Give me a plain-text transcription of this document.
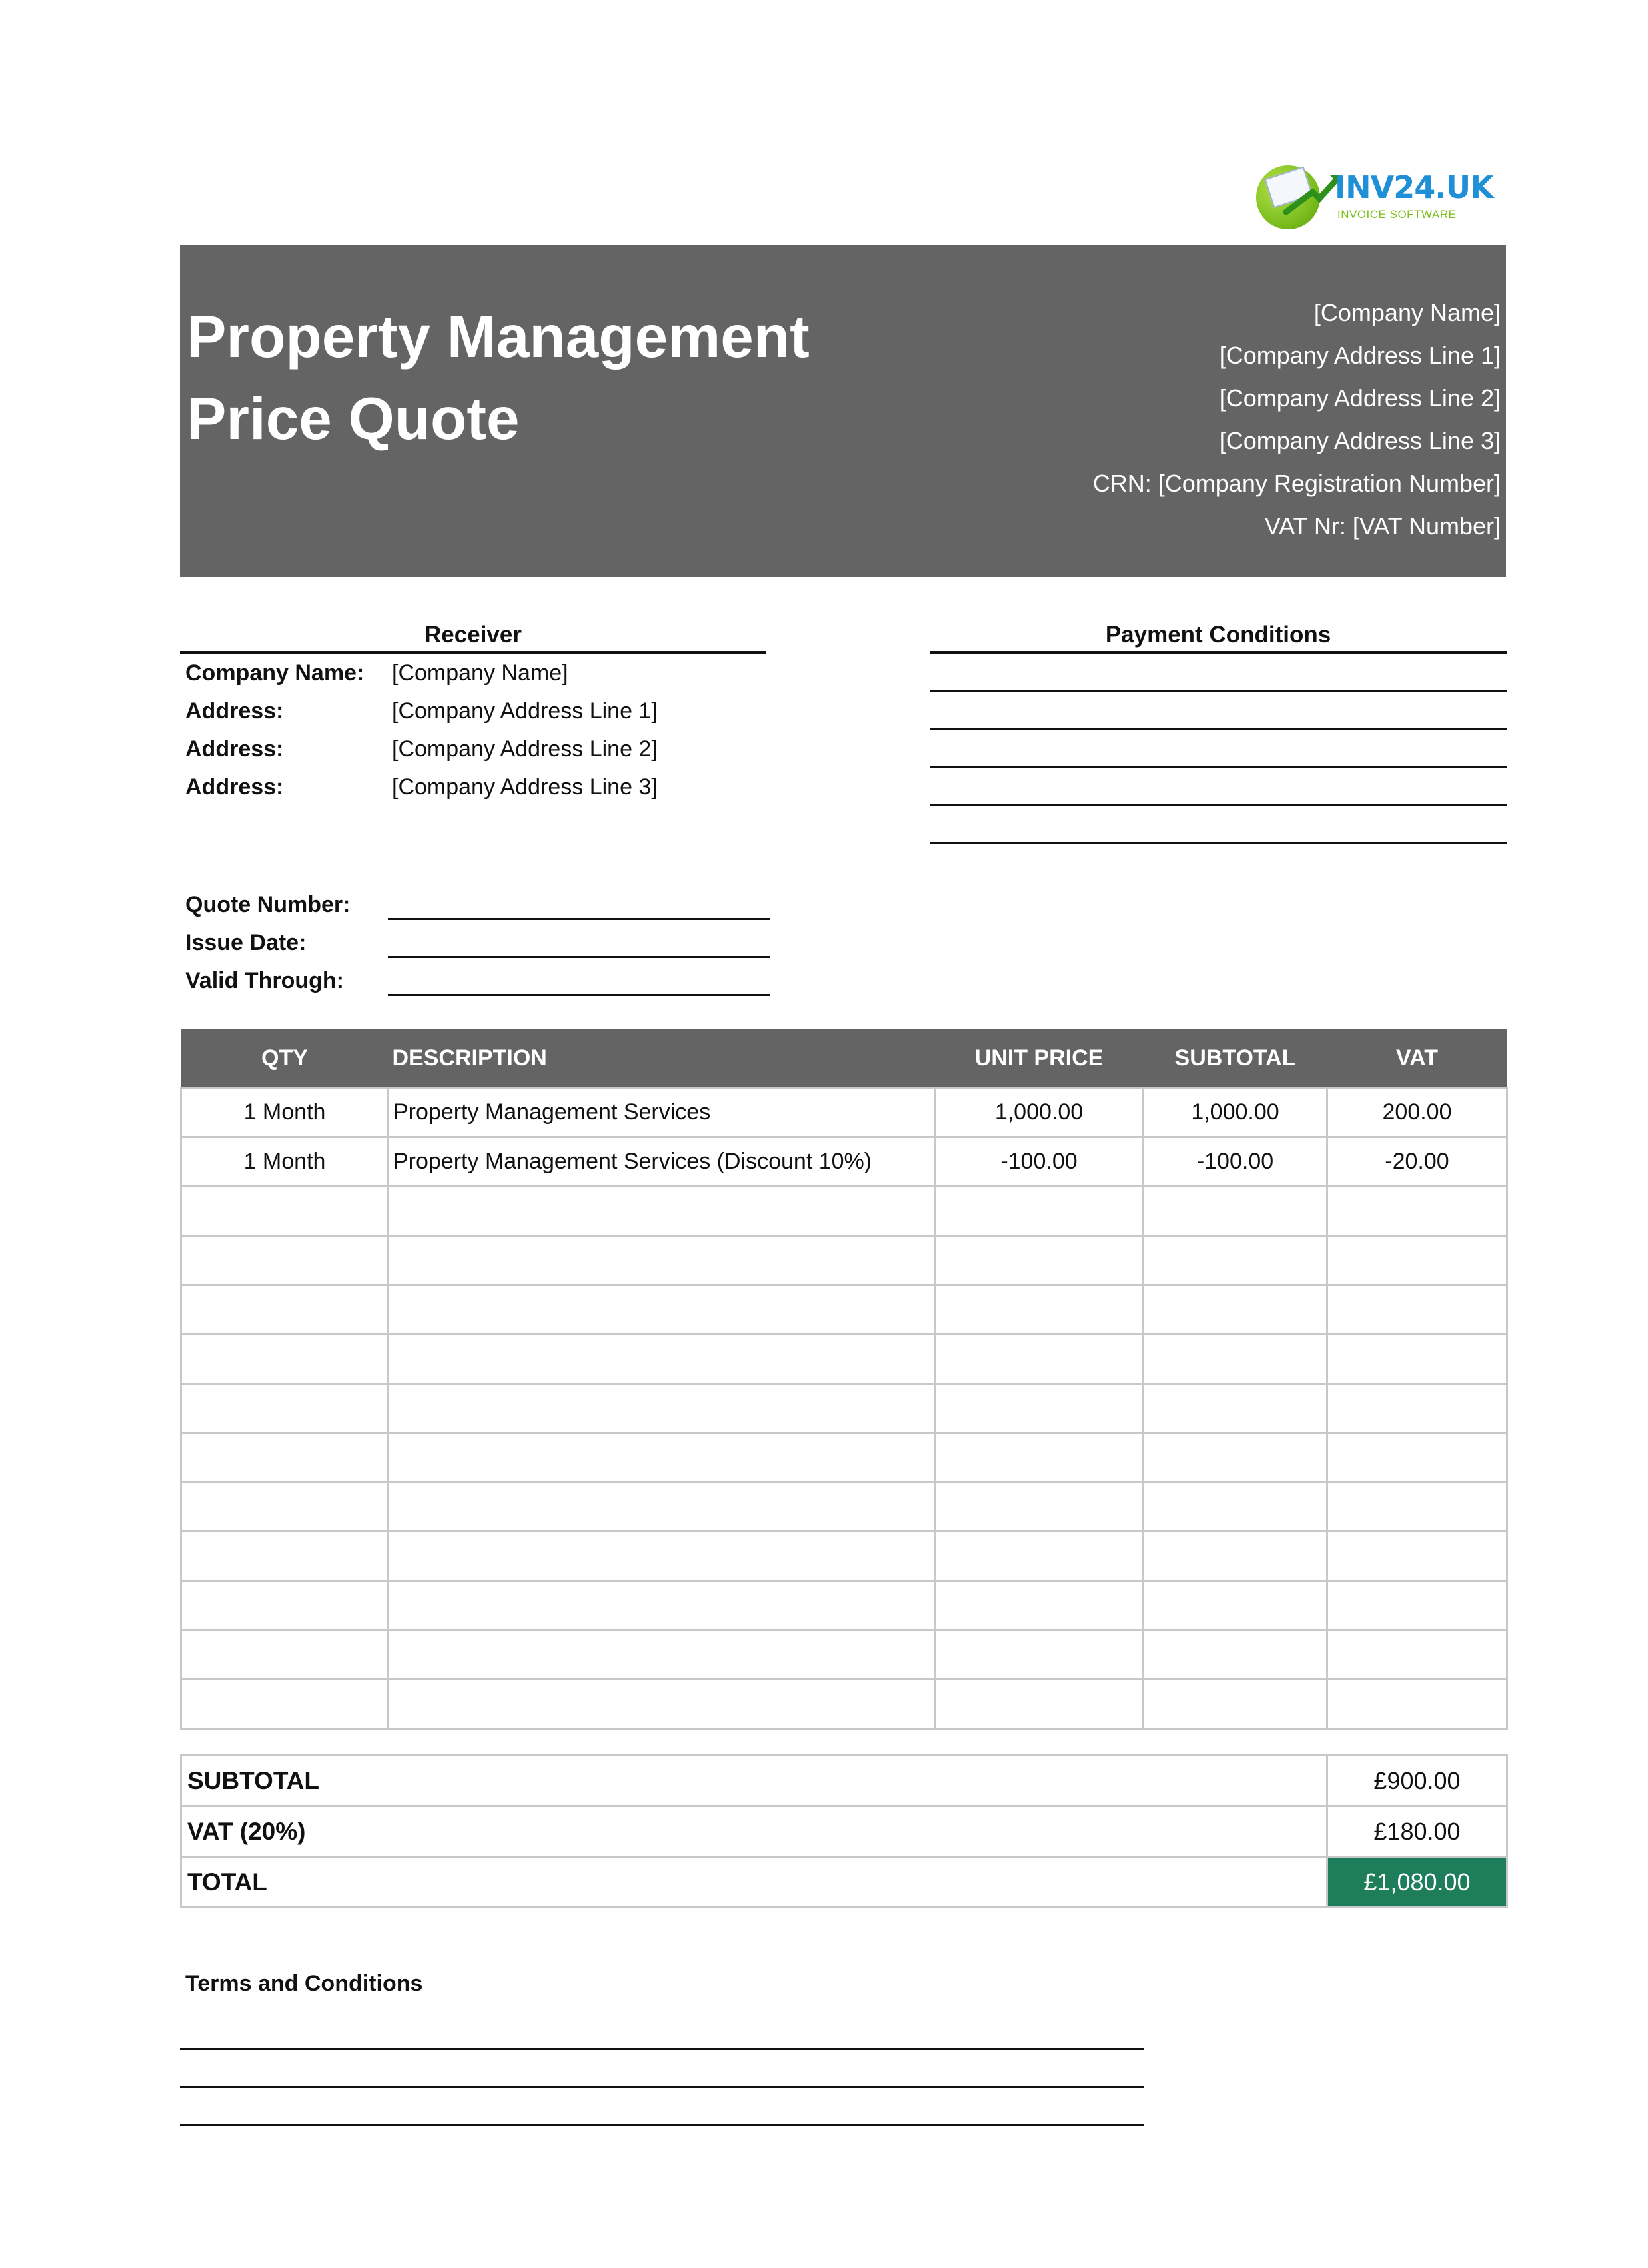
INV24.UK
INVOICE SOFTWARE
Property Management
Price Quote
[Company Name]
[Company Address Line 1]
[Company Address Line 2]
[Company Address Line 3]
CRN: [Company Registration Number]
VAT Nr: [VAT Number]
Receiver
Company Name: [Company Name]
Address:	[Company Address Line 1]
Address:	[Company Address Line 2]
Address:	[Company Address Line 3]
Payment Conditions
Quote Number:
Issue Date:
Valid Through:
QTY	DESCRIPTION	UNIT PRICE	SUBTOTAL	VAT
1 Month	Property Management Services	1,000.00	1,000.00	200.00
1 Month	Property Management Services (Discount 10%)	-100.00	-100.00	-20.00

SUBTOTAL	£900.00
VAT (20%)	£180.00
TOTAL	£1,080.00
Terms and Conditions
